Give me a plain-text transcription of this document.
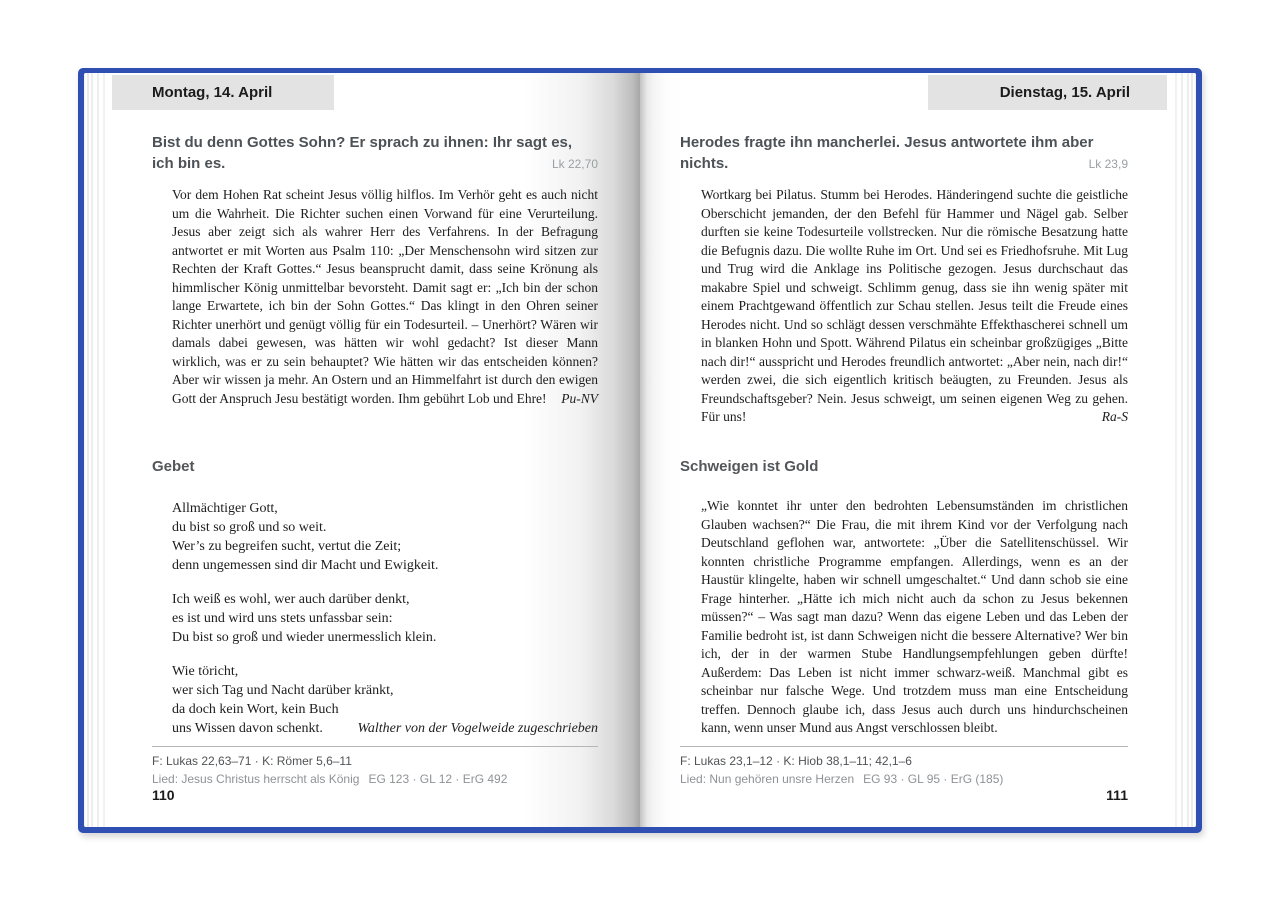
Montag, 14. April
Bist du denn Gottes Sohn? Er sprach zu ihnen: Ihr sagt es,
ich bin es.	Lk 22,70
Vor dem Hohen Rat scheint Jesus völlig hilflos. Im Verhör geht es auch nicht um die Wahrheit. Die Richter suchen einen Vorwand für eine Verurteilung. Jesus aber zeigt sich als wahrer Herr des Verfahrens. In der Befragung antwortet er mit Worten aus Psalm 110: „Der Menschensohn wird sitzen zur Rechten der Kraft Gottes.“ Jesus beansprucht damit, dass seine Krönung als himmlischer König unmittelbar bevorsteht. Damit sagt er: „Ich bin der schon lange Erwartete, ich bin der Sohn Gottes.“ Das klingt in den Ohren seiner Richter unerhört und genügt völlig für ein Todesurteil. – Unerhört? Wären wir damals dabei gewesen, was hätten wir wohl gedacht? Ist dieser Mann wirklich, was er zu sein behauptet? Wie hätten wir das entscheiden können? Aber wir wissen ja mehr. An Ostern und an Himmelfahrt ist durch den ewigen Gott der Anspruch Jesu bestätigt worden. Ihm gebührt Lob und Ehre!	Pu-NV
Gebet

Allmächtiger Gott,
du bist so groß und so weit.
Wer’s zu begreifen sucht, vertut die Zeit;
denn ungemessen sind dir Macht und Ewigkeit.

Ich weiß es wohl, wer auch darüber denkt,
es ist und wird uns stets unfassbar sein:
Du bist so groß und wieder unermesslich klein.

Wie töricht,
wer sich Tag und Nacht darüber kränkt,
da doch kein Wort, kein Buch
uns Wissen davon schenkt. Walther von der Vogelweide zugeschrieben

F: Lukas 22,63–71 · K: Römer 5,6–11
Lied: Jesus Christus herrscht als König EG 123 · GL 12 · ErG 492
110
Dienstag, 15. April
Herodes fragte ihn mancherlei. Jesus antwortete ihm aber
nichts.	Lk 23,9
Wortkarg bei Pilatus. Stumm bei Herodes. Händeringend suchte die geistliche Oberschicht jemanden, der den Befehl für Hammer und Nägel gab. Selber durften sie keine Todesurteile vollstrecken. Nur die römische Besatzung hatte die Befugnis dazu. Die wollte Ruhe im Ort. Und sei es Friedhofsruhe. Mit Lug und Trug wird die Anklage ins Politische gezogen. Jesus durchschaut das makabre Spiel und schweigt. Schlimm genug, dass sie ihn wenig später mit einem Prachtgewand öffentlich zur Schau stellen. Jesus teilt die Freude eines Herodes nicht. Und so schlägt dessen verschmähte Effekthascherei schnell um in blanken Hohn und Spott. Während Pilatus ein scheinbar großzügiges „Bitte nach dir!“ ausspricht und Herodes freundlich antwortet: „Aber nein, nach dir!“ werden zwei, die sich eigentlich kritisch beäugten, zu Freunden. Jesus als Freundschaftsgeber? Nein. Jesus schweigt, um seinen eigenen Weg zu gehen. Für uns!	Ra-S
Schweigen ist Gold
„Wie konntet ihr unter den bedrohten Lebensumständen im christlichen Glauben wachsen?“ Die Frau, die mit ihrem Kind vor der Verfolgung nach Deutschland geflohen war, antwortete: „Über die Satellitenschüssel. Wir konnten christliche Programme empfangen. Allerdings, wenn es an der Haustür klingelte, haben wir schnell umgeschaltet.“ Und dann schob sie eine Frage hinterher. „Hätte ich mich nicht auch da schon zu Jesus bekennen müssen?“ – Was sagt man dazu? Wenn das eigene Leben und das Leben der Familie bedroht ist, ist dann Schweigen nicht die bessere Alternative? Wer bin ich, der in der warmen Stube Handlungsempfehlungen geben dürfte! Außerdem: Das Leben ist nicht immer schwarz-weiß. Manchmal gibt es scheinbar nur falsche Wege. Und trotzdem muss man eine Entscheidung treffen. Dennoch glaube ich, dass Jesus auch durch uns hindurchscheinen kann, wenn unser Mund aus Angst verschlossen bleibt.
F: Lukas 23,1–12 · K: Hiob 38,1–11; 42,1–6
Lied: Nun gehören unsre Herzen EG 93 · GL 95 · ErG (185)
111
